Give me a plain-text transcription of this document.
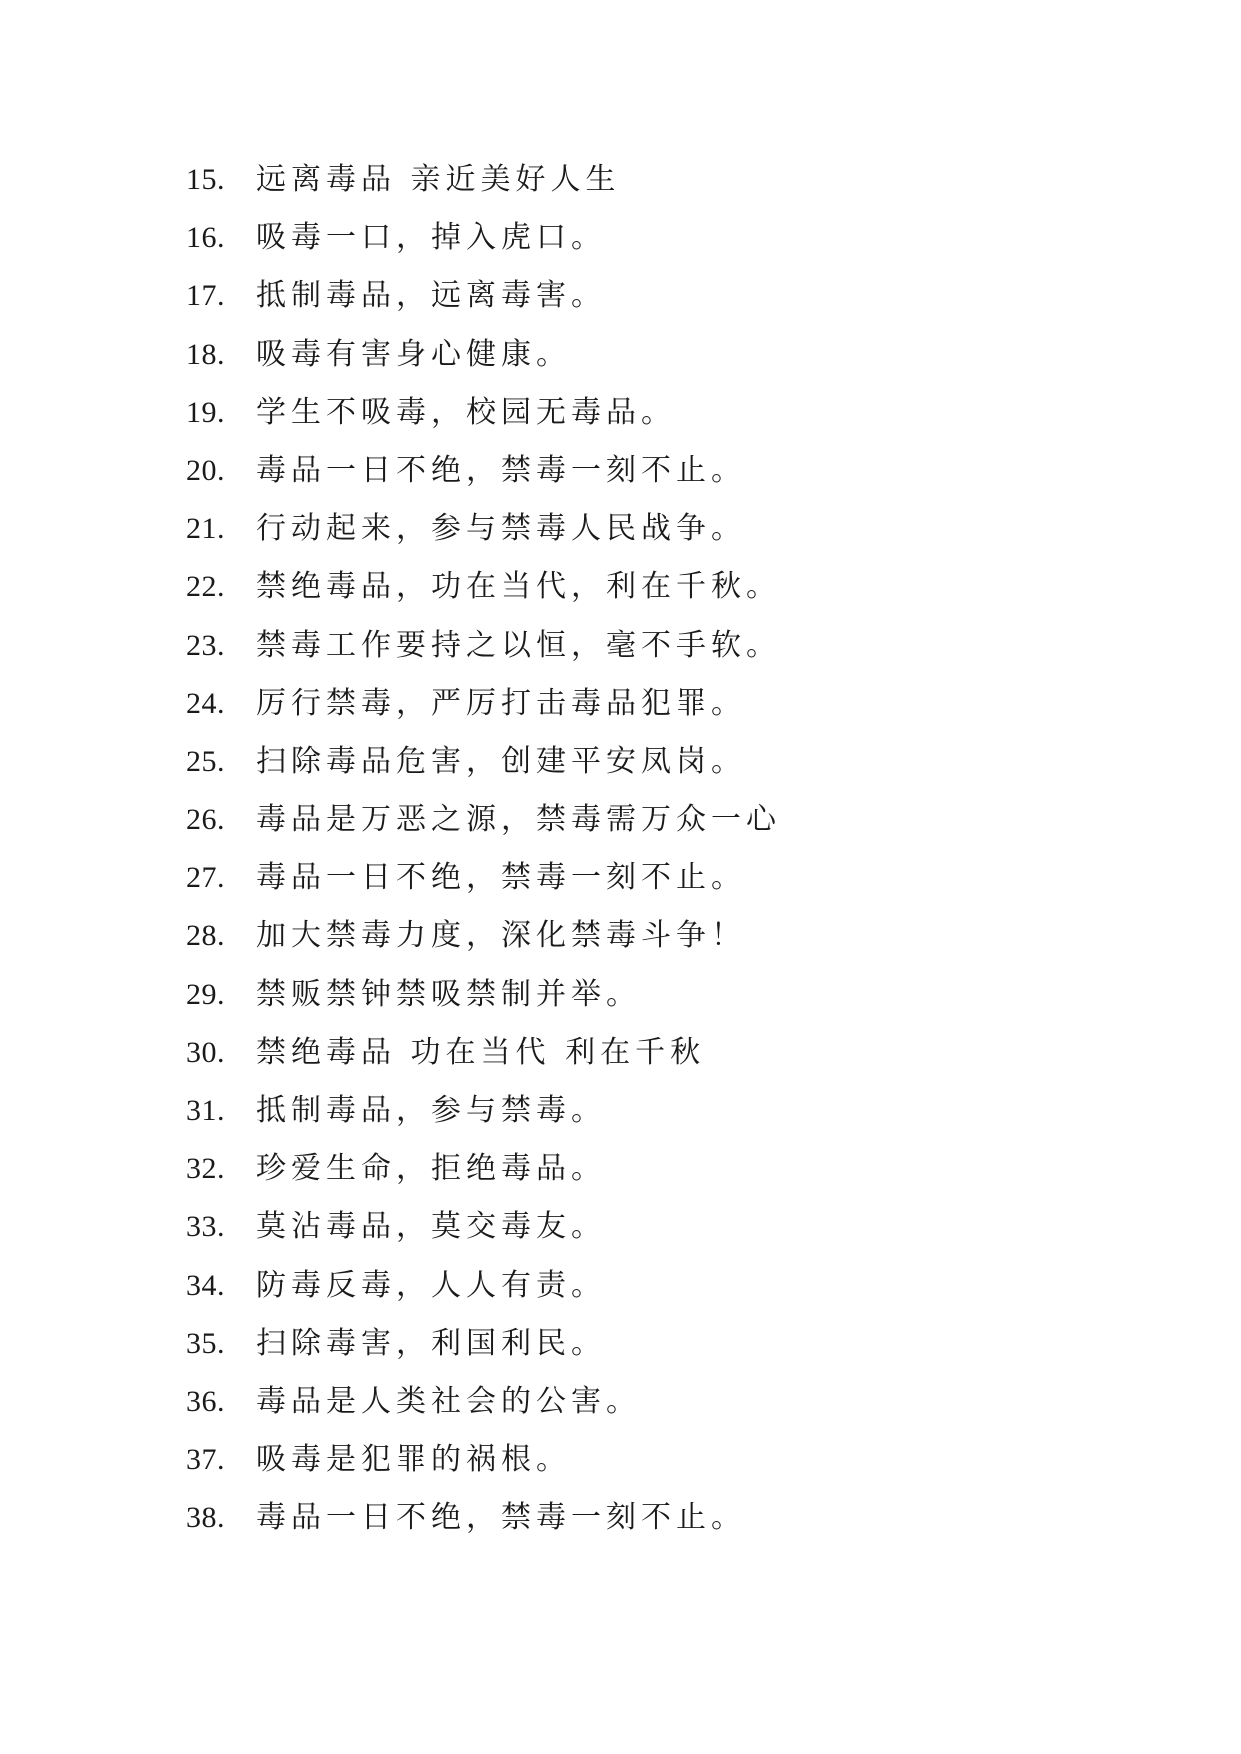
15.	远离毒品 亲近美好人生
16.	吸毒一口，掉入虎口。
17.	抵制毒品，远离毒害。
18.	吸毒有害身心健康。
19.	学生不吸毒，校园无毒品。
20.	毒品一日不绝，禁毒一刻不止。
21.	行动起来，参与禁毒人民战争。
22.	禁绝毒品，功在当代，利在千秋。
23.	禁毒工作要持之以恒，毫不手软。
24.	厉行禁毒，严厉打击毒品犯罪。
25.	扫除毒品危害，创建平安凤岗。
26.	毒品是万恶之源，禁毒需万众一心
27.	毒品一日不绝，禁毒一刻不止。
28.	加大禁毒力度，深化禁毒斗争！
29.	禁贩禁钟禁吸禁制并举。
30.	禁绝毒品 功在当代 利在千秋
31.	抵制毒品，参与禁毒。
32.	珍爱生命，拒绝毒品。
33.	莫沾毒品，莫交毒友。
34.	防毒反毒，人人有责。
35.	扫除毒害，利国利民。
36.	毒品是人类社会的公害。
37.	吸毒是犯罪的祸根。
38.	毒品一日不绝，禁毒一刻不止。
